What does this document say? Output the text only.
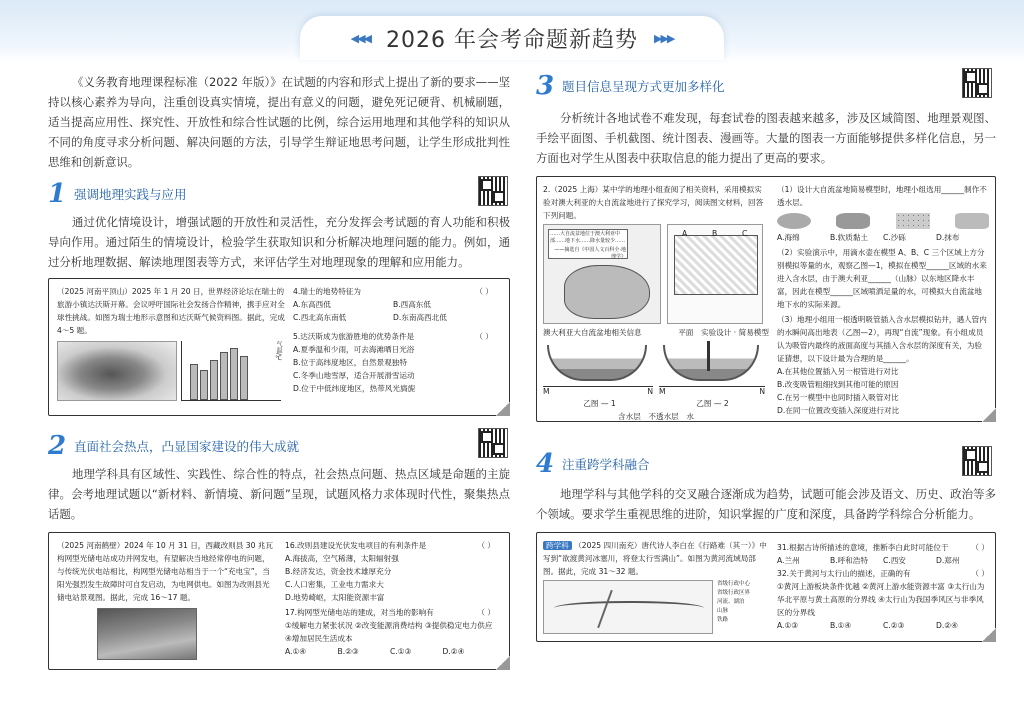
◀◀◀ 2026 年会考命题新趋势 ▶▶▶

《义务教育地理课程标准（2022 年版）》在试题的内容和形式上提出了新的要求——坚持以核心素养为导向，注重创设真实情境，提出有意义的问题，避免死记硬背、机械刷题，适当提高应用性、探究性、开放性和综合性试题的比例，综合运用地理和其他学科的知识从不同的角度寻求分析问题、解决问题的方法，引导学生辩证地思考问题，让学生形成批判性思维和创新意识。

1 强调地理实践与应用

通过优化情境设计，增强试题的开放性和灵活性，充分发挥会考试题的育人功能和积极导向作用。通过陌生的情境设计，检验学生获取知识和分析解决地理问题的能力。例如，通过分析地理数据、解读地理图表等方式，来评估学生对地理现象的理解和应用能力。

（2025 河南平顶山）2025 年 1 月 20 日，世界经济论坛在瑞士的旅游小镇达沃斯开幕。会议呼吁国际社会发扬合作精神，携手应对全球性挑战。如图为瑞士地形示意图和达沃斯气候资料图。据此，完成 4～5 题。
气温/℃
4.瑞士的地势特征为	（ ）
A.东高西低	B.西高东低
C.西北高东南低	D.东南高西北低
5.达沃斯成为旅游胜地的优势条件是	（ ）
A.夏季温和少雨，可去海滩晒日光浴
B.位于高纬度地区，自然景观独特
C.冬季山地雪厚，适合开展滑雪运动
D.位于中低纬度地区，热带风光旖旎
2 直面社会热点，凸显国家建设的伟大成就

地理学科具有区域性、实践性、综合性的特点，社会热点问题、热点区域是命题的主旋律。会考地理试题以“新材料、新情境、新问题”呈现，试题风格力求体现时代性，聚集热点话题。

（2025 河南鹤壁）2024 年 10 月 31 日，西藏改则县 30 兆瓦构网型光储电站成功并网发电，有望解决当地经常停电的问题，与传统光伏电站相比，构网型光储电站相当于一个“充电宝”，当阳光强烈发生故障时可自发启动，为电网供电。如图为改则县光储电站景观图。据此，完成 16～17 题。
16.改则县建设光伏发电项目的有利条件是	（ ）
A.海拔高，空气稀薄，太阳辐射强
B.经济发达，资金技术雄厚充分
C.人口密集，工业电力需求大
D.地势崎岖，太阳能资源丰富
17.构网型光储电站的建成，对当地的影响有	（ ）
①缓解电力紧张状况 ②改变能源消费结构 ③提供稳定电力供应 ④增加居民生活成本
A.①④	B.②③	C.①③	D.②④
3 题目信息呈现方式更加多样化

分析统计各地试卷不难发现，每套试卷的图表越来越多，涉及区域简图、地理景观图、手绘平面图、手机截图、统计图表、漫画等。大量的图表一方面能够提供多样化信息，另一方面也对学生从图表中获取信息的能力提出了更高的要求。

2.（2025 上海）某中学的地理小组查阅了相关资料，采用模拟实验对澳大利亚的大自流盆地进行了探究学习，阅读图文材料，回答下列问题。
……大自流盆地位于澳大利亚中部……地下水……降水量较少……
——摘选自《中国人文百科全·地理学》
A	B	C
澳大利亚大自流盆地相关信息	平面　实验设计 · 简易模型
M	N M	N
乙图 — 1	乙图 — 2
含水层　不透水层　水
（1）设计大自流盆地简易模型时，地理小组选用______制作不透水层。
A.海绵	B.软质黏土	C.沙砾	D.抹布
（2）实验演示中，用滴水壶在模型 A、B、C 三个区域上方分别模拟等量的水，观察乙图—1，模拟在模型______区域的水来进入含水层，由于澳大利亚______（山脉）以东地区降水丰富，因此在模型______区域喷洒足量的水，可模拟大自流盆地地下水的实际来源。
（3）地理小组用一根透明吸管插入含水层模拟钻井，遇人管内的水瞬间高出地表（乙图—2），再现“自流”现象。有小组成员认为吸管内最终的液面高度与其插入含水层的深度有关，为验证猜想，以下设计最为合理的是______。
A.在其他位置插入另一根管进行对比
B.改变吸管粗细找到其他可能的原因
C.在另一模型中也同时插入吸管对比
D.在同一位置改变插入深度进行对比
4 注重跨学科融合

地理学科与其他学科的交叉融合逐渐成为趋势，试题可能会涉及语文、历史、政治等多个领域。要求学生重视思维的进阶，知识掌握的广度和深度，具备跨学科综合分析能力。

跨学科 （2025 四川南充）唐代诗人李白在《行路难（其一）》中写到“欲渡黄河冰塞川，将登太行雪满山”。如图为黄河流域局部图。据此，完成 31～32 题。
省级行政中心
省级行政区界
河流、湖泊
山脉
铁路
31.根据古诗所描述的意境，推断李白此时可能位于	（ ）
A.兰州	B.呼和浩特	C.西安	D.郑州
32.关于黄河与太行山的描述，正确的有	（ ）
①黄河上游板块条件优越 ②黄河上游水能资源丰富 ③太行山为华北平原与黄土高原的分界线 ④太行山为我国季风区与非季风区的分界线
A.①③	B.①④	C.②③	D.②④
